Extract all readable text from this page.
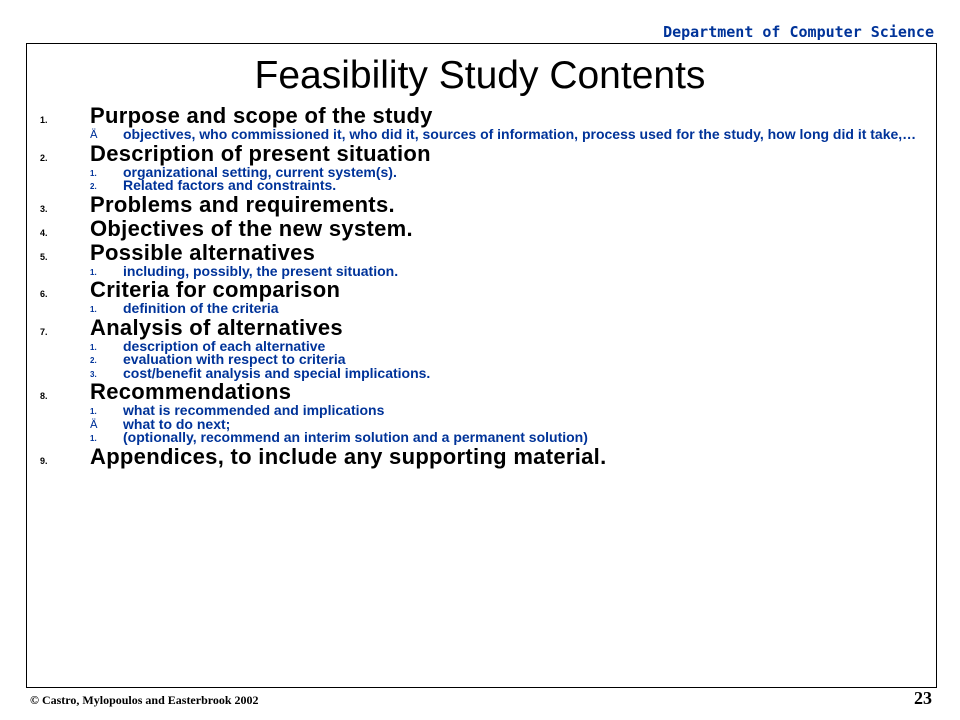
Department of Computer Science
Feasibility Study Contents
1. Purpose and scope of the study
Ä objectives, who commissioned it, who did it, sources of information, process used for the study, how long did it take,…
2. Description of present situation
1. organizational setting, current system(s).
2. Related factors and constraints.
3. Problems and requirements.
4. Objectives of the new system.
5. Possible alternatives
1. including, possibly, the present situation.
6. Criteria for comparison
1. definition of the criteria
7. Analysis of alternatives
1. description of each alternative
2. evaluation with respect to criteria
3. cost/benefit analysis and special implications.
8. Recommendations
1. what is recommended and implications
Ä what to do next;
1. (optionally, recommend an interim solution and a permanent solution)
9. Appendices, to include any supporting material.
© Castro, Mylopoulos and Easterbrook 2002	23
